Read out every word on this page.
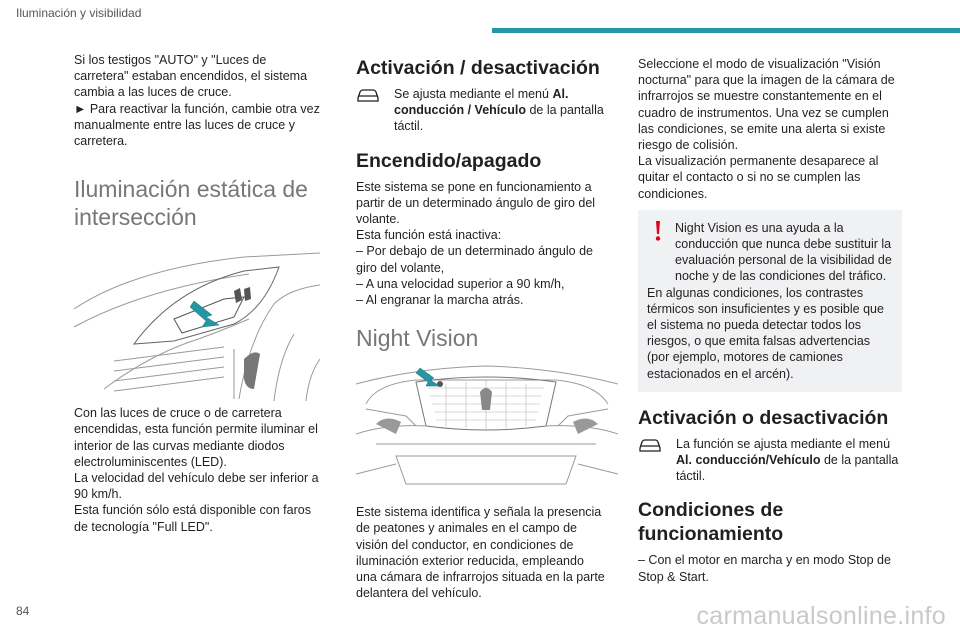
Iluminación y visibilidad

Si los testigos "AUTO" y "Luces de carretera" estaban encendidos, el sistema cambia a las luces de cruce.

► Para reactivar la función, cambie otra vez manualmente entre las luces de cruce y carretera.

Iluminación estática de intersección

Con las luces de cruce o de carretera encendidas, esta función permite iluminar el interior de las curvas mediante diodos electroluminiscentes (LED).

La velocidad del vehículo debe ser inferior a 90 km/h.

Esta función sólo está disponible con faros de tecnología "Full LED".

Activación / desactivación

Se ajusta mediante el menú Al. conducción / Vehículo de la pantalla táctil.

Encendido/apagado

Este sistema se pone en funcionamiento a partir de un determinado ángulo de giro del volante.

Esta función está inactiva:

– Por debajo de un determinado ángulo de giro del volante,

– A una velocidad superior a 90 km/h,

– Al engranar la marcha atrás.

Night Vision

Este sistema identifica y señala la presencia de peatones y animales en el campo de visión del conductor, en condiciones de iluminación exterior reducida, empleando una cámara de infrarrojos situada en la parte delantera del vehículo.

Seleccione el modo de visualización "Visión nocturna" para que la imagen de la cámara de infrarrojos se muestre constantemente en el cuadro de instrumentos. Una vez se cumplen las condiciones, se emite una alerta si existe riesgo de colisión.

La visualización permanente desaparece al quitar el contacto o si no se cumplen las condiciones.

Night Vision es una ayuda a la conducción que nunca debe sustituir la evaluación personal de la visibilidad de noche y de las condiciones del tráfico.

En algunas condiciones, los contrastes térmicos son insuficientes y es posible que el sistema no pueda detectar todos los riesgos, o que emita falsas advertencias (por ejemplo, motores de camiones estacionados en el arcén).

Activación o desactivación

La función se ajusta mediante el menú Al. conducción/Vehículo de la pantalla táctil.

Condiciones de funcionamiento

– Con el motor en marcha y en modo Stop de Stop & Start.

84	carmanualsonline.info
